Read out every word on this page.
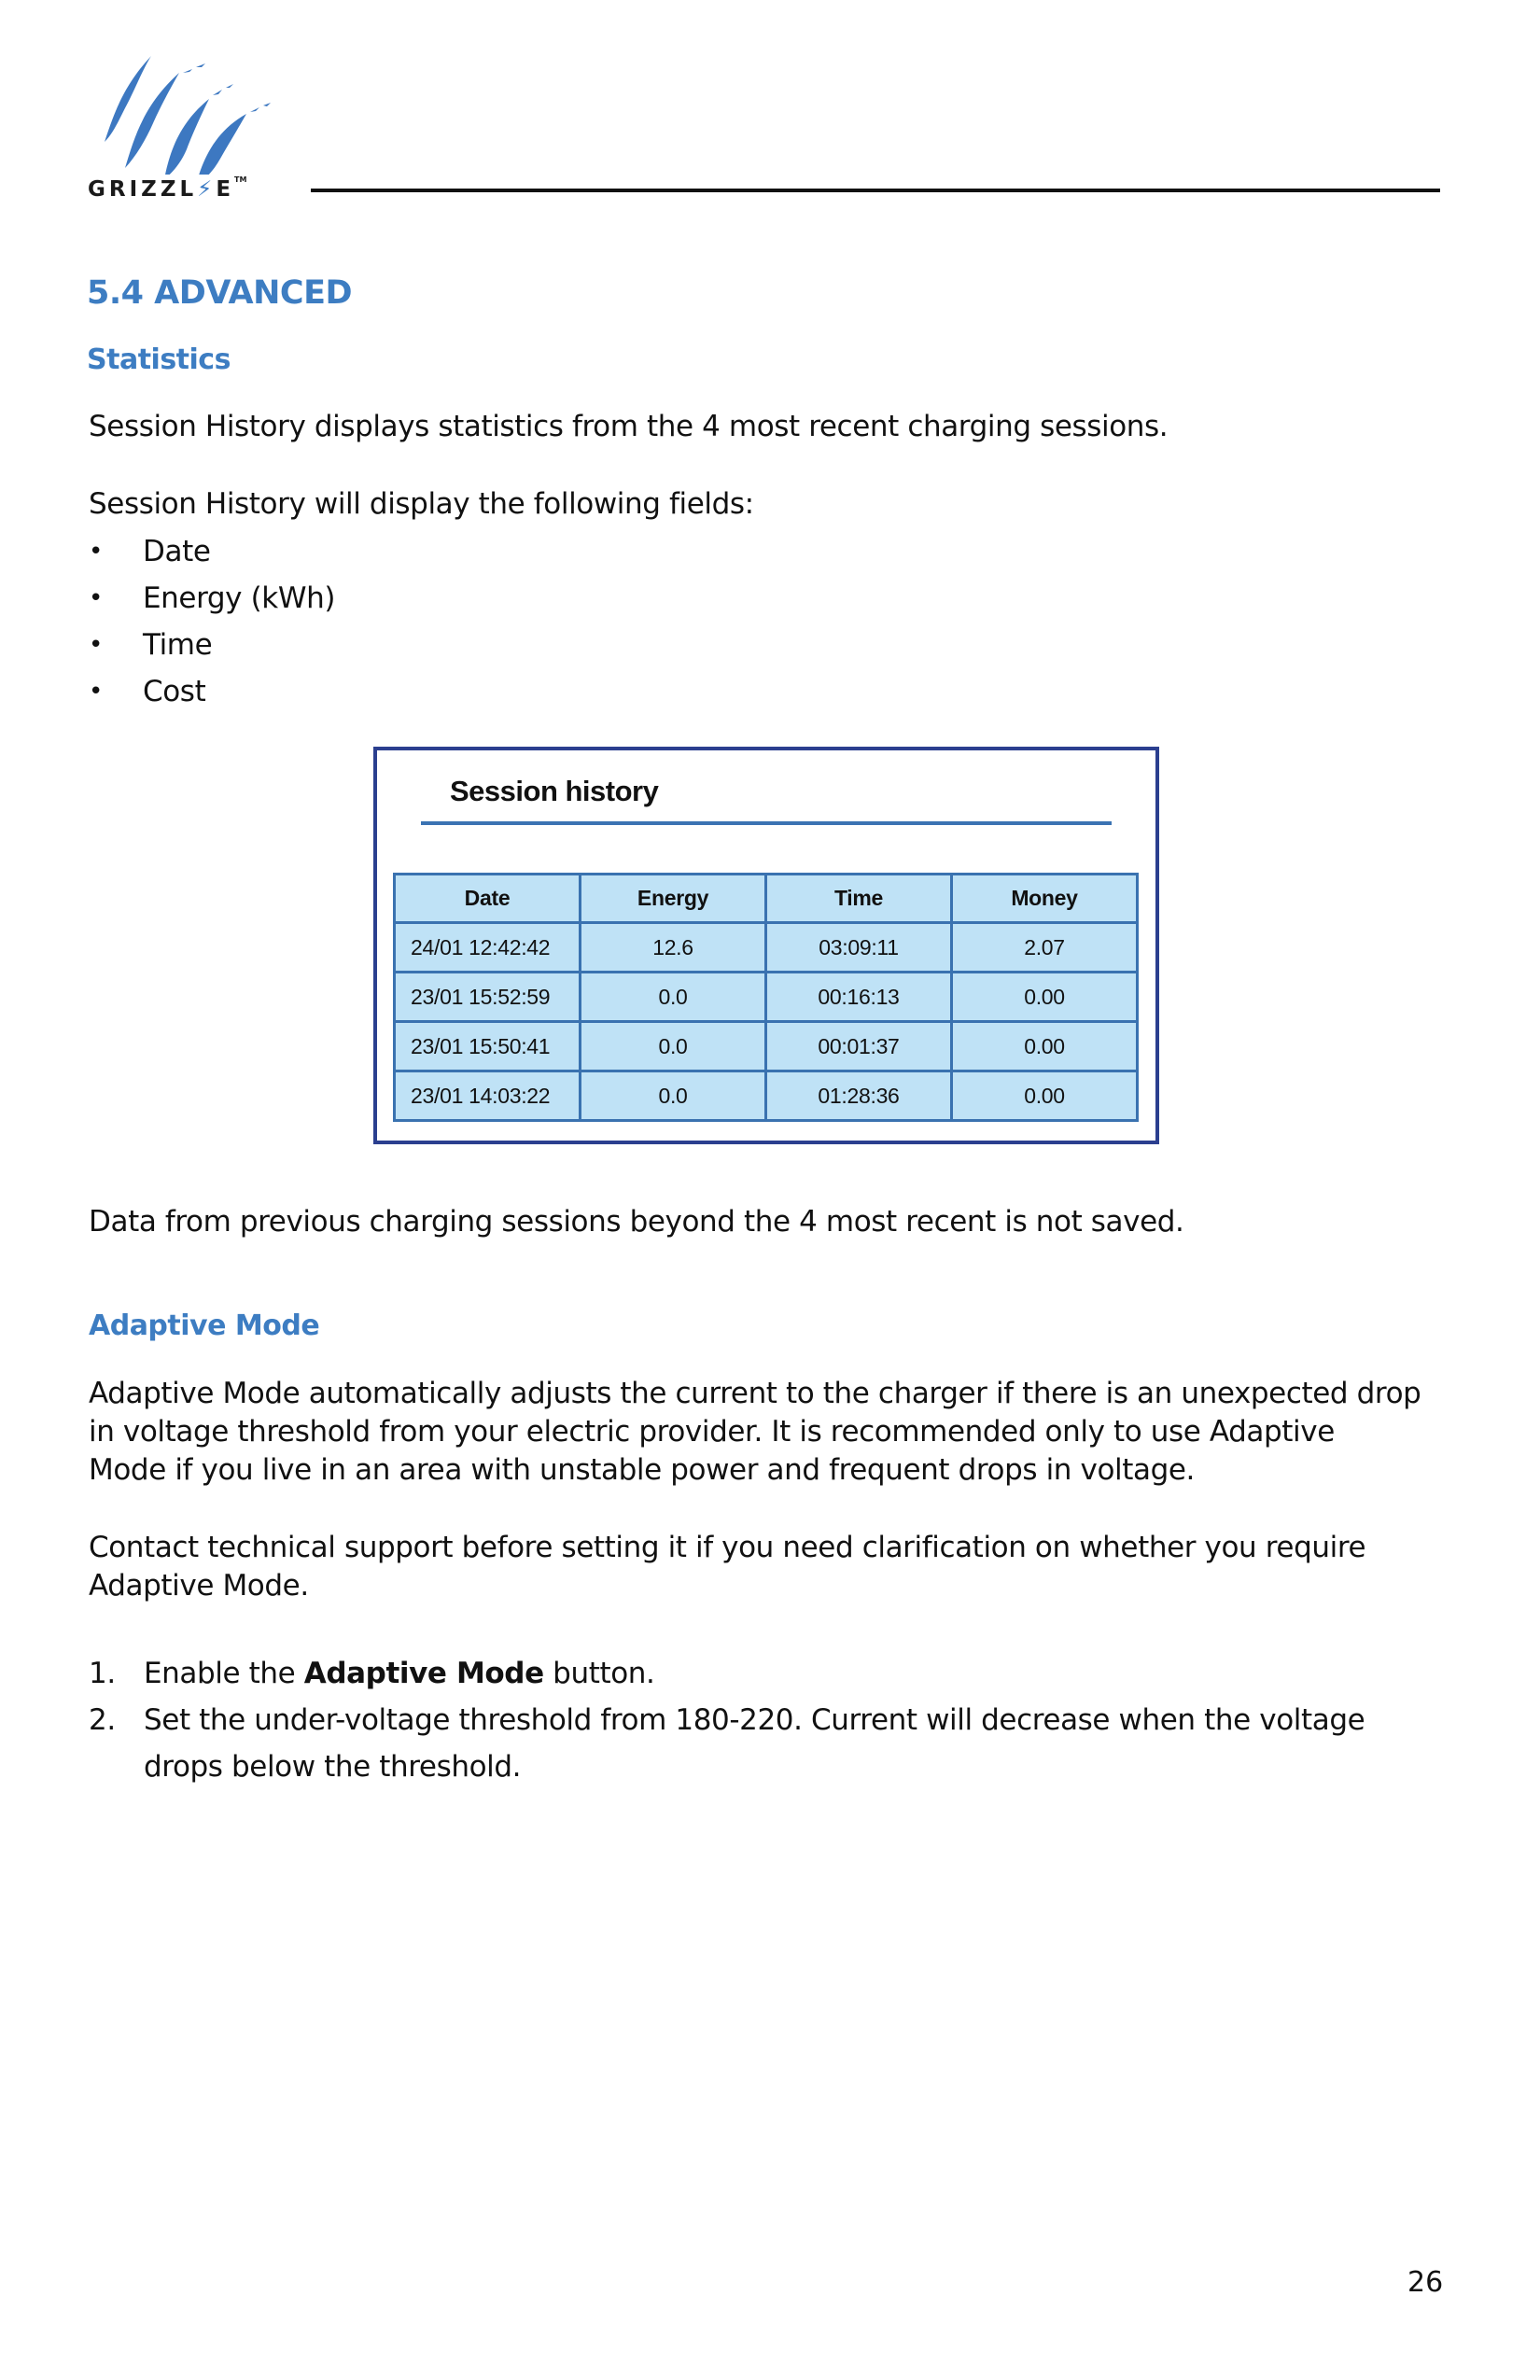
GRIZZL⚡E™
5.4 ADVANCED
Statistics
Session History displays statistics from the 4 most recent charging sessions.
Session History will display the following fields:
• Date
• Energy (kWh)
• Time
• Cost
Session history
Date	Energy	Time	Money
24/01 12:42:42	12.6	03:09:11	2.07
23/01 15:52:59	0.0	00:16:13	0.00
23/01 15:50:41	0.0	00:01:37	0.00
23/01 14:03:22	0.0	01:28:36	0.00
Data from previous charging sessions beyond the 4 most recent is not saved.
Adaptive Mode
Adaptive Mode automatically adjusts the current to the charger if there is an unexpected drop
in voltage threshold from your electric provider. It is recommended only to use Adaptive
Mode if you live in an area with unstable power and frequent drops in voltage.
Contact technical support before setting it if you need clarification on whether you require
Adaptive Mode.
1. Enable the Adaptive Mode button.
2. Set the under-voltage threshold from 180-220. Current will decrease when the voltage drops below the threshold.
26
